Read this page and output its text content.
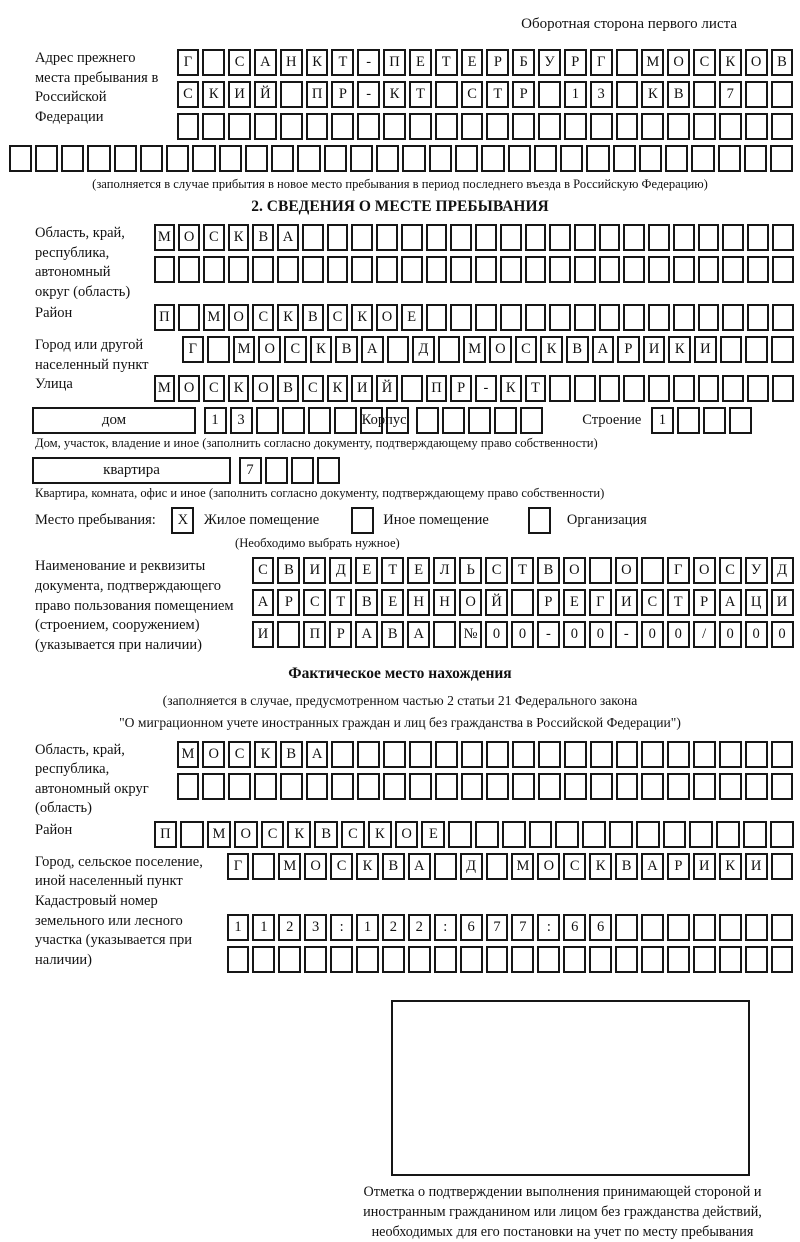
Оборотная сторона первого листа
Адрес прежнего места пребывания в Российской Федерации
Г	С	А	Н	К	Т	-	П	Е	Т	Е	Р	Б	У	Р	Г	М О	С	К	О	В
С	К	И	Й	П	Р	-	К	Т	С	Т	Р	1	3	К	В	7
(заполняется в случае прибытия в новое место пребывания в период последнего въезда в Российскую Федерацию)
2. СВЕДЕНИЯ О МЕСТЕ ПРЕБЫВАНИЯ
Область, край, республика, автономный округ (область)
М О	С	К	В	А
Район	П	М О	С	К	В	С	К	О	Е
Город или другой населенный пункт
Г	М О	С	К	В	А	Д	М О	С	К	В	А	Р	И	К	И
Улица	М О	С	К	О	В	С	К	И Й	П	Р	-	К	Т
дом	1	3	Корпус	Строение	1
Дом, участок, владение и иное (заполнить согласно документу, подтверждающему право собственности)
квартира	7
Квартира, комната, офис и иное (заполнить согласно документу, подтверждающему право собственности)
Место пребывания:	X	Жилое помещение	Иное помещение	Организация
(Необходимо выбрать нужное)
Наименование и реквизиты документа, подтверждающего право пользования помещением (строением, сооружением) (указывается при наличии)
С	В	И	Д	Е	Т	Е	Л	Ь	С	Т	В	О	О	Г	О	С	У	Д
А	Р	С	Т	В	Е	Н	Н	О	Й	Р	Е	Г	И	С	Т	Р	А	Ц	И
И	П	Р	А	В	А	№	0	0	-	0	0	-	0	0	/	0	0	0
Фактическое место нахождения
(заполняется в случае, предусмотренном частью 2 статьи 21 Федерального закона
"О миграционном учете иностранных граждан и лиц без гражданства в Российской Федерации")
Область, край, республика, автономный округ (область)
М О	С	К	В	А
Район	П	М	О	С	К	В	С	К	О	Е
Город, сельское поселение, иной населенный пункт
Г	М О	С	К	В	А	Д	М О	С	К	В	А	Р	И	К	И
Кадастровый номер земельного или лесного участка (указывается при наличии)
1	1	2	3	:	1	2	2	:	6	7	7	:	6	6
Отметка о подтверждении выполнения принимающей стороной и иностранным гражданином или лицом без гражданства действий, необходимых для его постановки на учет по месту пребывания
